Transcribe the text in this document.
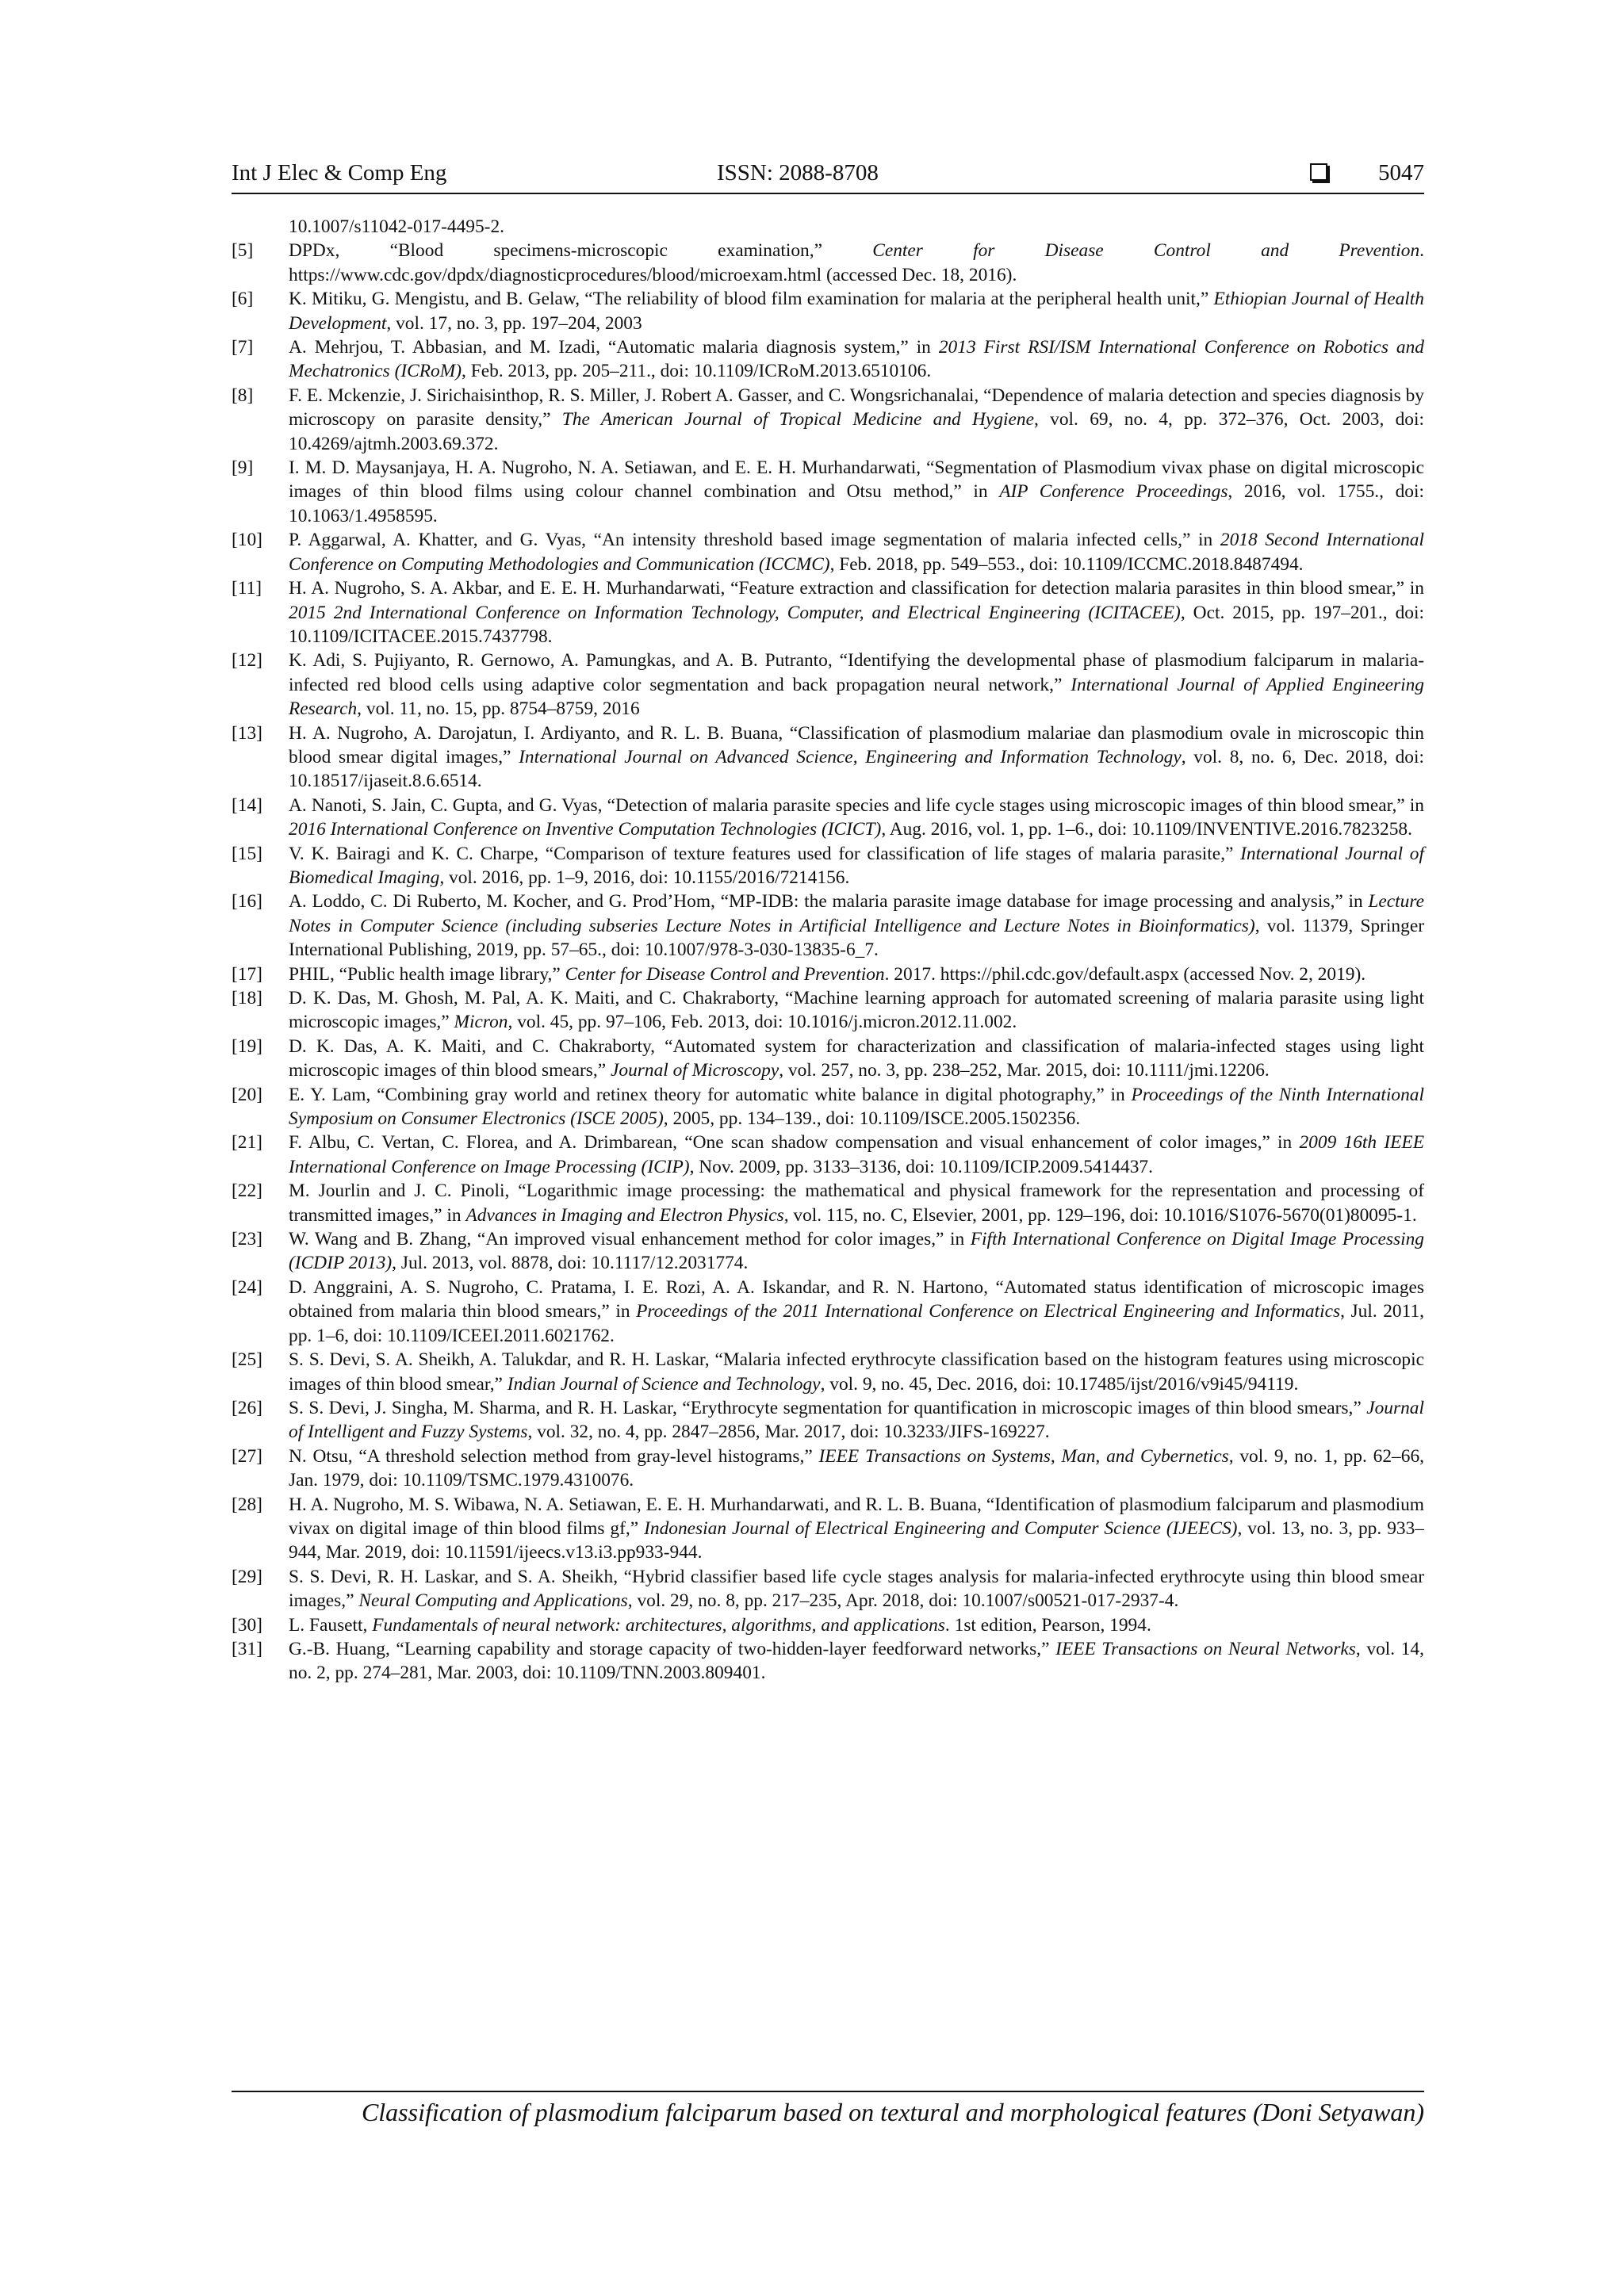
Int J Elec & Comp Eng	ISSN: 2088-8708	5047
10.1007/s11042-017-4495-2.
[5] DPDx, “Blood specimens-microscopic examination,” Center for Disease Control and Prevention. https://www.cdc.gov/dpdx/diagnosticprocedures/blood/microexam.html (accessed Dec. 18, 2016).
[6] K. Mitiku, G. Mengistu, and B. Gelaw, “The reliability of blood film examination for malaria at the peripheral health unit,” Ethiopian Journal of Health Development, vol. 17, no. 3, pp. 197–204, 2003
[7] A. Mehrjou, T. Abbasian, and M. Izadi, “Automatic malaria diagnosis system,” in 2013 First RSI/ISM International Conference on Robotics and Mechatronics (ICRoM), Feb. 2013, pp. 205–211., doi: 10.1109/ICRoM.2013.6510106.
[8] F. E. Mckenzie, J. Sirichaisinthop, R. S. Miller, J. Robert A. Gasser, and C. Wongsrichanalai, “Dependence of malaria detection and species diagnosis by microscopy on parasite density,” The American Journal of Tropical Medicine and Hygiene, vol. 69, no. 4, pp. 372–376, Oct. 2003, doi: 10.4269/ajtmh.2003.69.372.
[9] I. M. D. Maysanjaya, H. A. Nugroho, N. A. Setiawan, and E. E. H. Murhandarwati, “Segmentation of Plasmodium vivax phase on digital microscopic images of thin blood films using colour channel combination and Otsu method,” in AIP Conference Proceedings, 2016, vol. 1755., doi: 10.1063/1.4958595.
[10] P. Aggarwal, A. Khatter, and G. Vyas, “An intensity threshold based image segmentation of malaria infected cells,” in 2018 Second International Conference on Computing Methodologies and Communication (ICCMC), Feb. 2018, pp. 549–553., doi: 10.1109/ICCMC.2018.8487494.
[11] H. A. Nugroho, S. A. Akbar, and E. E. H. Murhandarwati, “Feature extraction and classification for detection malaria parasites in thin blood smear,” in 2015 2nd International Conference on Information Technology, Computer, and Electrical Engineering (ICITACEE), Oct. 2015, pp. 197–201., doi: 10.1109/ICITACEE.2015.7437798.
[12] K. Adi, S. Pujiyanto, R. Gernowo, A. Pamungkas, and A. B. Putranto, “Identifying the developmental phase of plasmodium falciparum in malaria-infected red blood cells using adaptive color segmentation and back propagation neural network,” International Journal of Applied Engineering Research, vol. 11, no. 15, pp. 8754–8759, 2016
[13] H. A. Nugroho, A. Darojatun, I. Ardiyanto, and R. L. B. Buana, “Classification of plasmodium malariae dan plasmodium ovale in microscopic thin blood smear digital images,” International Journal on Advanced Science, Engineering and Information Technology, vol. 8, no. 6, Dec. 2018, doi: 10.18517/ijaseit.8.6.6514.
[14] A. Nanoti, S. Jain, C. Gupta, and G. Vyas, “Detection of malaria parasite species and life cycle stages using microscopic images of thin blood smear,” in 2016 International Conference on Inventive Computation Technologies (ICICT), Aug. 2016, vol. 1, pp. 1–6., doi: 10.1109/INVENTIVE.2016.7823258.
[15] V. K. Bairagi and K. C. Charpe, “Comparison of texture features used for classification of life stages of malaria parasite,” International Journal of Biomedical Imaging, vol. 2016, pp. 1–9, 2016, doi: 10.1155/2016/7214156.
[16] A. Loddo, C. Di Ruberto, M. Kocher, and G. Prod’Hom, “MP-IDB: the malaria parasite image database for image processing and analysis,” in Lecture Notes in Computer Science (including subseries Lecture Notes in Artificial Intelligence and Lecture Notes in Bioinformatics), vol. 11379, Springer International Publishing, 2019, pp. 57–65., doi: 10.1007/978-3-030-13835-6_7.
[17] PHIL, “Public health image library,” Center for Disease Control and Prevention. 2017. https://phil.cdc.gov/default.aspx (accessed Nov. 2, 2019).
[18] D. K. Das, M. Ghosh, M. Pal, A. K. Maiti, and C. Chakraborty, “Machine learning approach for automated screening of malaria parasite using light microscopic images,” Micron, vol. 45, pp. 97–106, Feb. 2013, doi: 10.1016/j.micron.2012.11.002.
[19] D. K. Das, A. K. Maiti, and C. Chakraborty, “Automated system for characterization and classification of malaria-infected stages using light microscopic images of thin blood smears,” Journal of Microscopy, vol. 257, no. 3, pp. 238–252, Mar. 2015, doi: 10.1111/jmi.12206.
[20] E. Y. Lam, “Combining gray world and retinex theory for automatic white balance in digital photography,” in Proceedings of the Ninth International Symposium on Consumer Electronics (ISCE 2005), 2005, pp. 134–139., doi: 10.1109/ISCE.2005.1502356.
[21] F. Albu, C. Vertan, C. Florea, and A. Drimbarean, “One scan shadow compensation and visual enhancement of color images,” in 2009 16th IEEE International Conference on Image Processing (ICIP), Nov. 2009, pp. 3133–3136, doi: 10.1109/ICIP.2009.5414437.
[22] M. Jourlin and J. C. Pinoli, “Logarithmic image processing: the mathematical and physical framework for the representation and processing of transmitted images,” in Advances in Imaging and Electron Physics, vol. 115, no. C, Elsevier, 2001, pp. 129–196, doi: 10.1016/S1076-5670(01)80095-1.
[23] W. Wang and B. Zhang, “An improved visual enhancement method for color images,” in Fifth International Conference on Digital Image Processing (ICDIP 2013), Jul. 2013, vol. 8878, doi: 10.1117/12.2031774.
[24] D. Anggraini, A. S. Nugroho, C. Pratama, I. E. Rozi, A. A. Iskandar, and R. N. Hartono, “Automated status identification of microscopic images obtained from malaria thin blood smears,” in Proceedings of the 2011 International Conference on Electrical Engineering and Informatics, Jul. 2011, pp. 1–6, doi: 10.1109/ICEEI.2011.6021762.
[25] S. S. Devi, S. A. Sheikh, A. Talukdar, and R. H. Laskar, “Malaria infected erythrocyte classification based on the histogram features using microscopic images of thin blood smear,” Indian Journal of Science and Technology, vol. 9, no. 45, Dec. 2016, doi: 10.17485/ijst/2016/v9i45/94119.
[26] S. S. Devi, J. Singha, M. Sharma, and R. H. Laskar, “Erythrocyte segmentation for quantification in microscopic images of thin blood smears,” Journal of Intelligent and Fuzzy Systems, vol. 32, no. 4, pp. 2847–2856, Mar. 2017, doi: 10.3233/JIFS-169227.
[27] N. Otsu, “A threshold selection method from gray-level histograms,” IEEE Transactions on Systems, Man, and Cybernetics, vol. 9, no. 1, pp. 62–66, Jan. 1979, doi: 10.1109/TSMC.1979.4310076.
[28] H. A. Nugroho, M. S. Wibawa, N. A. Setiawan, E. E. H. Murhandarwati, and R. L. B. Buana, “Identification of plasmodium falciparum and plasmodium vivax on digital image of thin blood films gf,” Indonesian Journal of Electrical Engineering and Computer Science (IJEECS), vol. 13, no. 3, pp. 933–944, Mar. 2019, doi: 10.11591/ijeecs.v13.i3.pp933-944.
[29] S. S. Devi, R. H. Laskar, and S. A. Sheikh, “Hybrid classifier based life cycle stages analysis for malaria-infected erythrocyte using thin blood smear images,” Neural Computing and Applications, vol. 29, no. 8, pp. 217–235, Apr. 2018, doi: 10.1007/s00521-017-2937-4.
[30] L. Fausett, Fundamentals of neural network: architectures, algorithms, and applications. 1st edition, Pearson, 1994.
[31] G.-B. Huang, “Learning capability and storage capacity of two-hidden-layer feedforward networks,” IEEE Transactions on Neural Networks, vol. 14, no. 2, pp. 274–281, Mar. 2003, doi: 10.1109/TNN.2003.809401.
Classification of plasmodium falciparum based on textural and morphological features (Doni Setyawan)
